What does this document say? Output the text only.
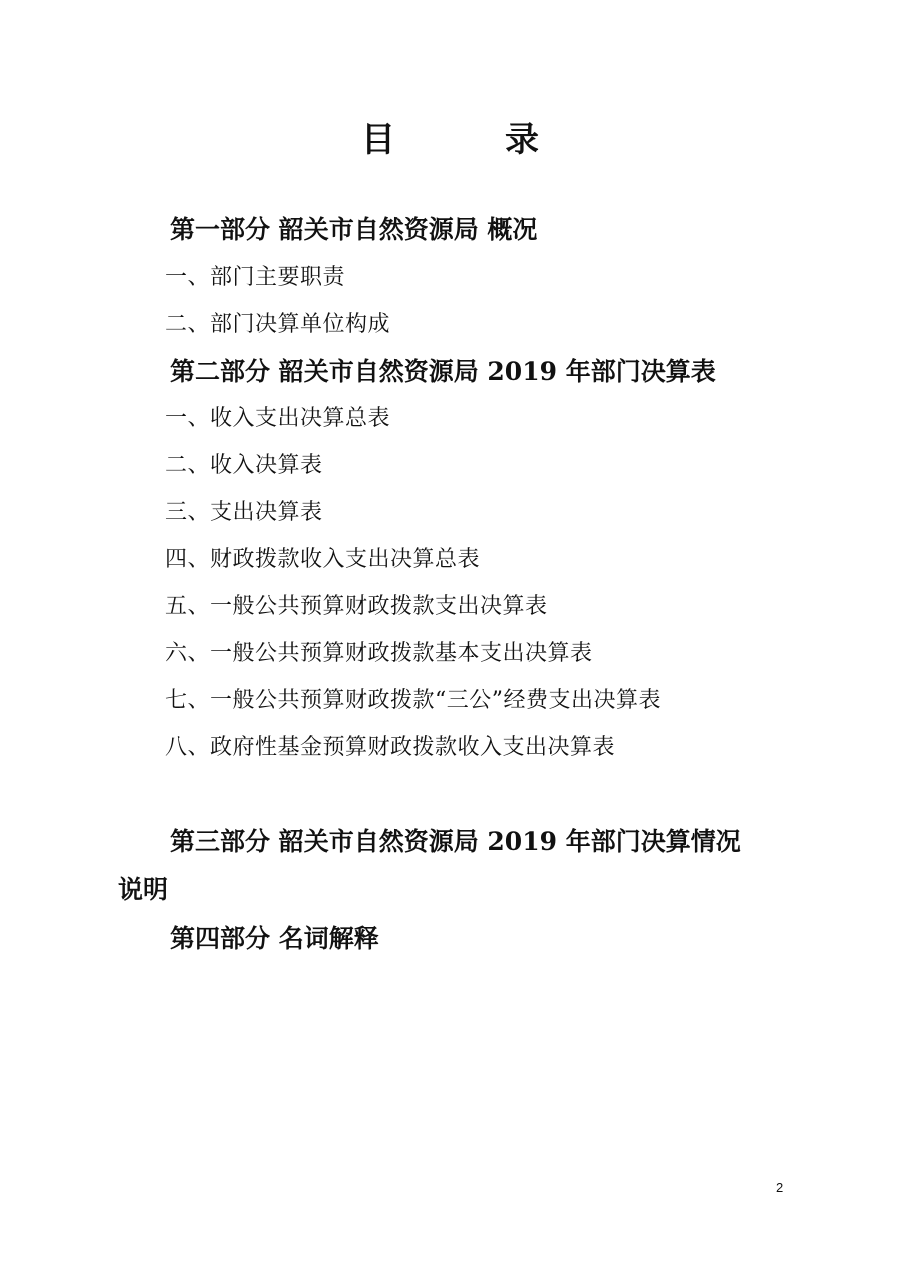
目	录
第一部分 韶关市自然资源局 概况
一、部门主要职责
二、部门决算单位构成
第二部分 韶关市自然资源局 2019 年部门决算表
一、收入支出决算总表
二、收入决算表
三、支出决算表
四、财政拨款收入支出决算总表
五、一般公共预算财政拨款支出决算表
六、一般公共预算财政拨款基本支出决算表
七、一般公共预算财政拨款“三公”经费支出决算表
八、政府性基金预算财政拨款收入支出决算表
第三部分 韶关市自然资源局 2019 年部门决算情况
说明
第四部分 名词解释
2
